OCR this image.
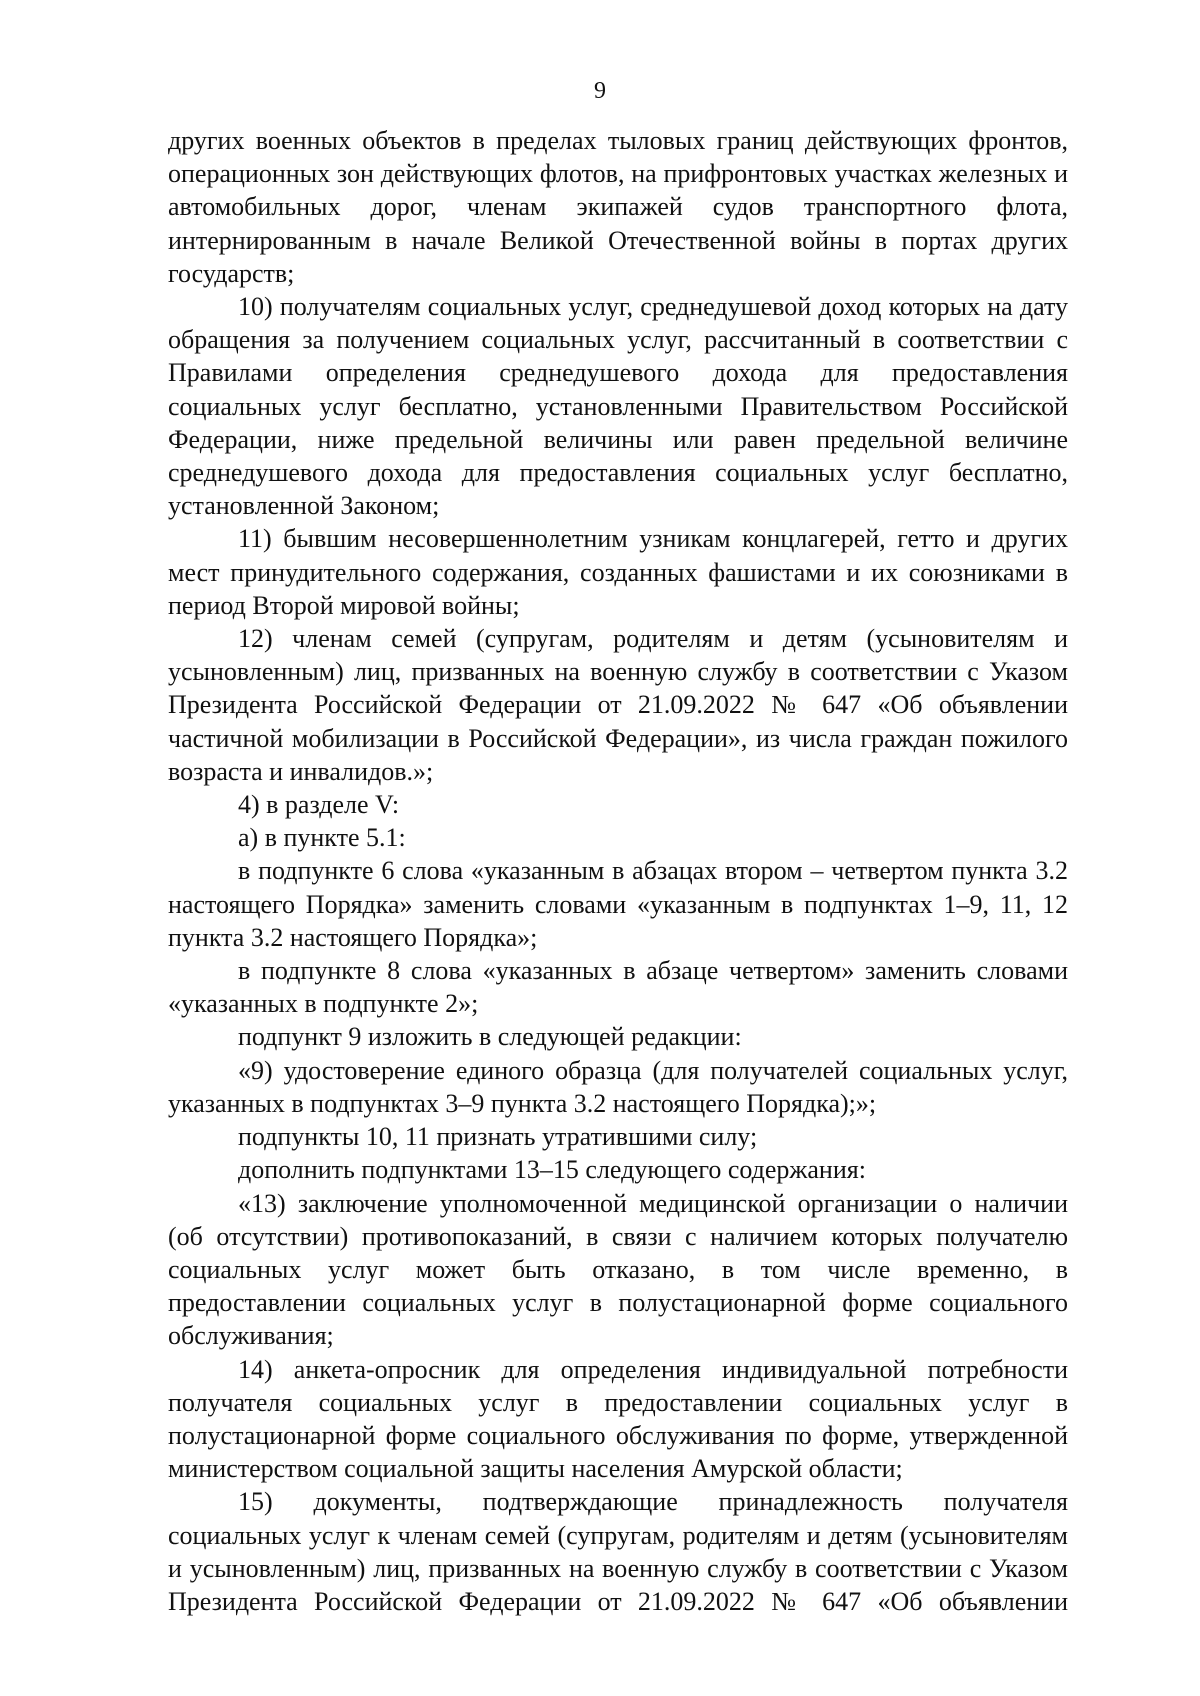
9

других военных объектов в пределах тыловых границ действующих фронтов, операционных зон действующих флотов, на прифронтовых участках железных и автомобильных дорог, членам экипажей судов транспортного флота, интернированным в начале Великой Отечественной войны в портах других государств;

10) получателям социальных услуг, среднедушевой доход которых на дату обращения за получением социальных услуг, рассчитанный в соответствии с Правилами определения среднедушевого дохода для предоставления социальных услуг бесплатно, установленными Правительством Российской Федерации, ниже предельной величины или равен предельной величине среднедушевого дохода для предоставления социальных услуг бесплатно, установленной Законом;

11) бывшим несовершеннолетним узникам концлагерей, гетто и других мест принудительного содержания, созданных фашистами и их союзниками в период Второй мировой войны;

12) членам семей (супругам, родителям и детям (усыновителям и усыновленным) лиц, призванных на военную службу в соответствии с Указом Президента Российской Федерации от 21.09.2022 № 647 «Об объявлении частичной мобилизации в Российской Федерации», из числа граждан пожилого возраста и инвалидов.»;

4) в разделе V:

а) в пункте 5.1:

в подпункте 6 слова «указанным в абзацах втором – четвертом пункта 3.2 настоящего Порядка» заменить словами «указанным в подпунктах 1–9, 11, 12 пункта 3.2 настоящего Порядка»;

в подпункте 8 слова «указанных в абзаце четвертом» заменить словами «указанных в подпункте 2»;

подпункт 9 изложить в следующей редакции:

«9) удостоверение единого образца (для получателей социальных услуг, указанных в подпунктах 3–9 пункта 3.2 настоящего Порядка);»;

подпункты 10, 11 признать утратившими силу;

дополнить подпунктами 13–15 следующего содержания:

«13) заключение уполномоченной медицинской организации о наличии (об отсутствии) противопоказаний, в связи с наличием которых получателю социальных услуг может быть отказано, в том числе временно, в предоставлении социальных услуг в полустационарной форме социального обслуживания;

14) анкета-опросник для определения индивидуальной потребности получателя социальных услуг в предоставлении социальных услуг в полустационарной форме социального обслуживания по форме, утвержденной министерством социальной защиты населения Амурской области;

15) документы, подтверждающие принадлежность получателя социальных услуг к членам семей (супругам, родителям и детям (усыновителям и усыновленным) лиц, призванных на военную службу в соответствии с Указом Президента Российской Федерации от 21.09.2022 № 647 «Об объявлении
